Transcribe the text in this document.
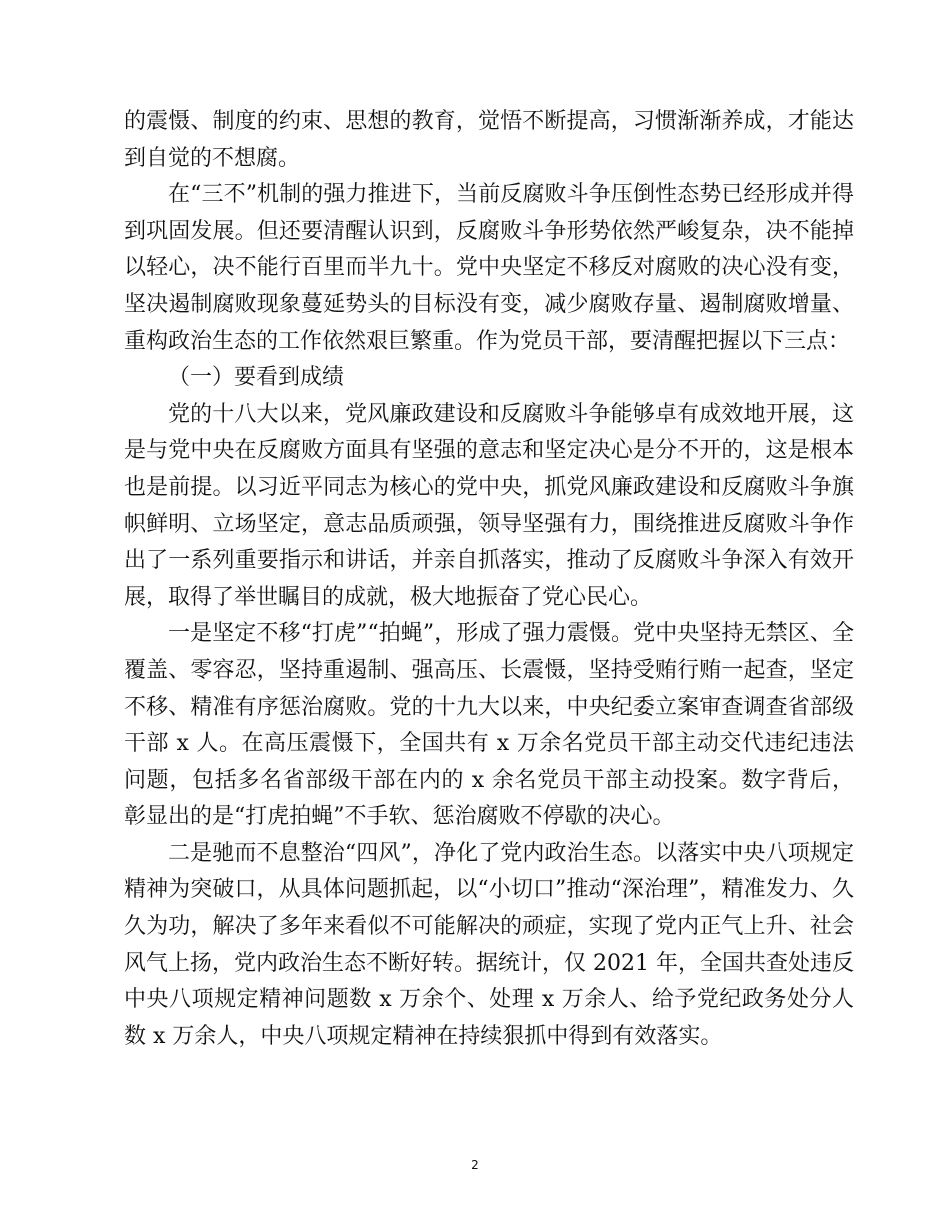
的震慑、制度的约束、思想的教育，觉悟不断提高，习惯渐渐养成，才能达到自觉的不想腐。

在“三不”机制的强力推进下，当前反腐败斗争压倒性态势已经形成并得到巩固发展。但还要清醒认识到，反腐败斗争形势依然严峻复杂，决不能掉以轻心，决不能行百里而半九十。党中央坚定不移反对腐败的决心没有变，坚决遏制腐败现象蔓延势头的目标没有变，减少腐败存量、遏制腐败增量、重构政治生态的工作依然艰巨繁重。作为党员干部，要清醒把握以下三点：

（一）要看到成绩

党的十八大以来，党风廉政建设和反腐败斗争能够卓有成效地开展，这是与党中央在反腐败方面具有坚强的意志和坚定决心是分不开的，这是根本也是前提。以习近平同志为核心的党中央，抓党风廉政建设和反腐败斗争旗帜鲜明、立场坚定，意志品质顽强，领导坚强有力，围绕推进反腐败斗争作出了一系列重要指示和讲话，并亲自抓落实，推动了反腐败斗争深入有效开展，取得了举世瞩目的成就，极大地振奋了党心民心。

一是坚定不移“打虎”“拍蝇”，形成了强力震慑。党中央坚持无禁区、全覆盖、零容忍，坚持重遏制、强高压、长震慑，坚持受贿行贿一起查，坚定不移、精准有序惩治腐败。党的十九大以来，中央纪委立案审查调查省部级干部 x 人。在高压震慑下，全国共有 x 万余名党员干部主动交代违纪违法问题，包括多名省部级干部在内的 x 余名党员干部主动投案。数字背后，彰显出的是“打虎拍蝇”不手软、惩治腐败不停歇的决心。

二是驰而不息整治“四风”，净化了党内政治生态。以落实中央八项规定精神为突破口，从具体问题抓起，以“小切口”推动“深治理”，精准发力、久久为功，解决了多年来看似不可能解决的顽症，实现了党内正气上升、社会风气上扬，党内政治生态不断好转。据统计，仅 2021 年，全国共查处违反中央八项规定精神问题数 x 万余个、处理 x 万余人、给予党纪政务处分人数 x 万余人，中央八项规定精神在持续狠抓中得到有效落实。

2
